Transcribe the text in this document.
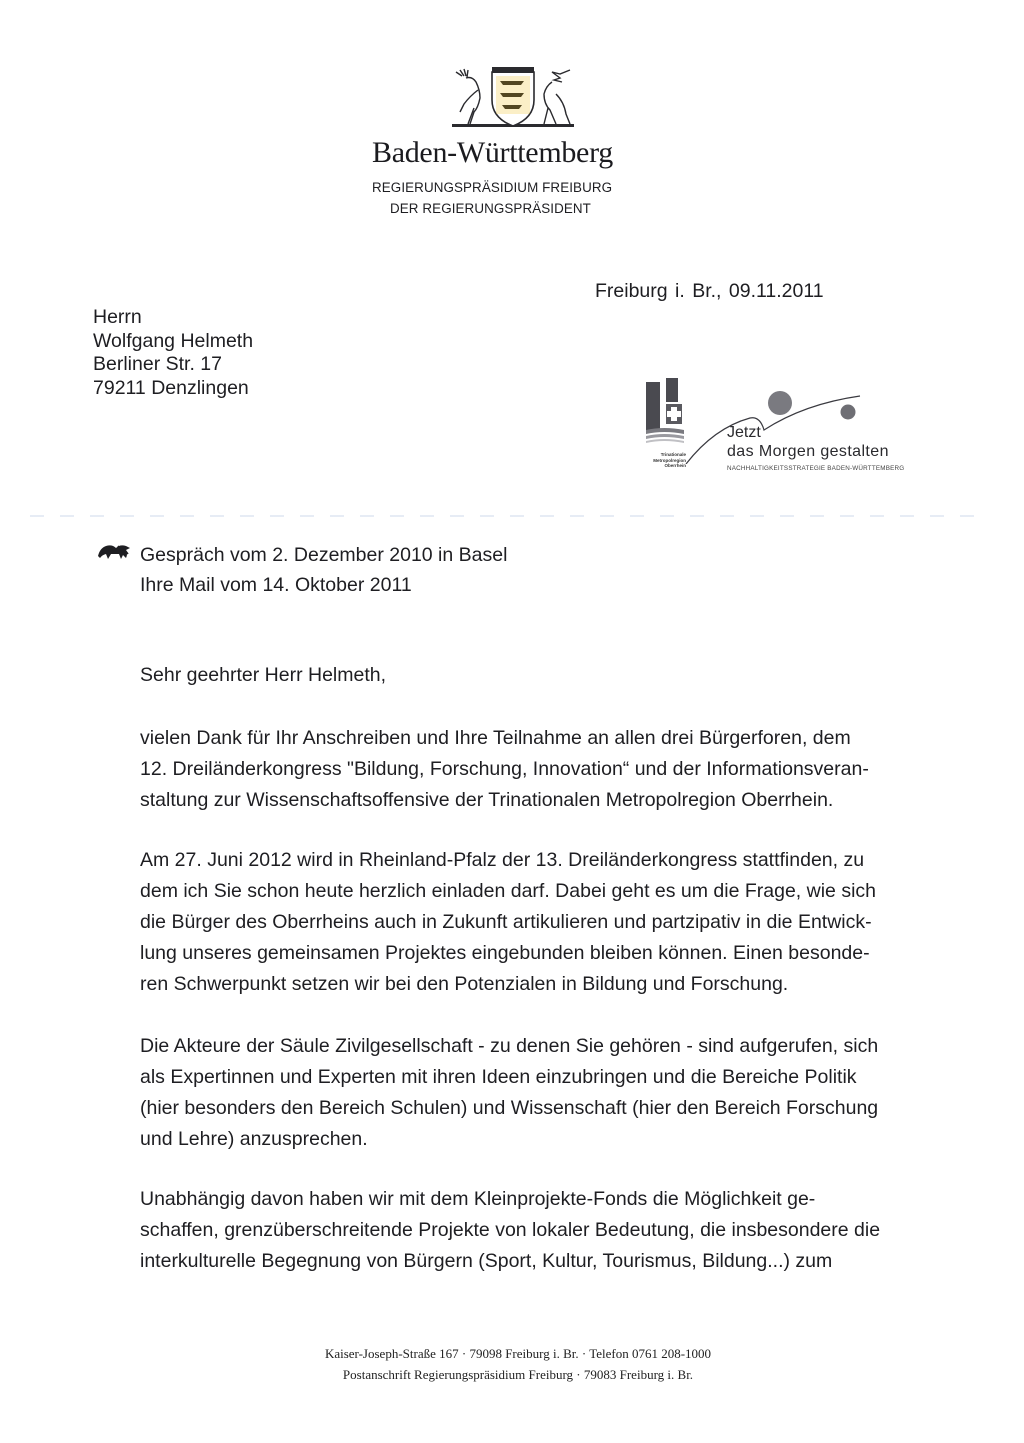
Baden-Württemberg
REGIERUNGSPRÄSIDIUM FREIBURG
DER REGIERUNGSPRÄSIDENT
Freiburg i. Br., 09.11.2011
Herrn
Wolfgang Helmeth
Berliner Str. 17
79211 Denzlingen
Trinationale
Metropolregion
Oberrhein
Jetzt
das Morgen gestalten
NACHHALTIGKEITSSTRATEGIE BADEN-WÜRTTEMBERG
Gespräch vom 2. Dezember 2010 in Basel
Ihre Mail vom 14. Oktober 2011
Sehr geehrter Herr Helmeth,
vielen Dank für Ihr Anschreiben und Ihre Teilnahme an allen drei Bürgerforen, dem
12. Dreiländerkongress "Bildung, Forschung, Innovation“ und der Informationsveran-
staltung zur Wissenschaftsoffensive der Trinationalen Metropolregion Oberrhein.
Am 27. Juni 2012 wird in Rheinland-Pfalz der 13. Dreiländerkongress stattfinden, zu
dem ich Sie schon heute herzlich einladen darf. Dabei geht es um die Frage, wie sich
die Bürger des Oberrheins auch in Zukunft artikulieren und partzipativ in die Entwick-
lung unseres gemeinsamen Projektes eingebunden bleiben können. Einen besonde-
ren Schwerpunkt setzen wir bei den Potenzialen in Bildung und Forschung.
Die Akteure der Säule Zivilgesellschaft - zu denen Sie gehören - sind aufgerufen, sich
als Expertinnen und Experten mit ihren Ideen einzubringen und die Bereiche Politik
(hier besonders den Bereich Schulen) und Wissenschaft (hier den Bereich Forschung
und Lehre) anzusprechen.
Unabhängig davon haben wir mit dem Kleinprojekte-Fonds die Möglichkeit ge-
schaffen, grenzüberschreitende Projekte von lokaler Bedeutung, die insbesondere die
interkulturelle Begegnung von Bürgern (Sport, Kultur, Tourismus, Bildung...) zum
Kaiser-Joseph-Straße 167 · 79098 Freiburg i. Br. · Telefon 0761 208-1000
Postanschrift Regierungspräsidium Freiburg · 79083 Freiburg i. Br.
